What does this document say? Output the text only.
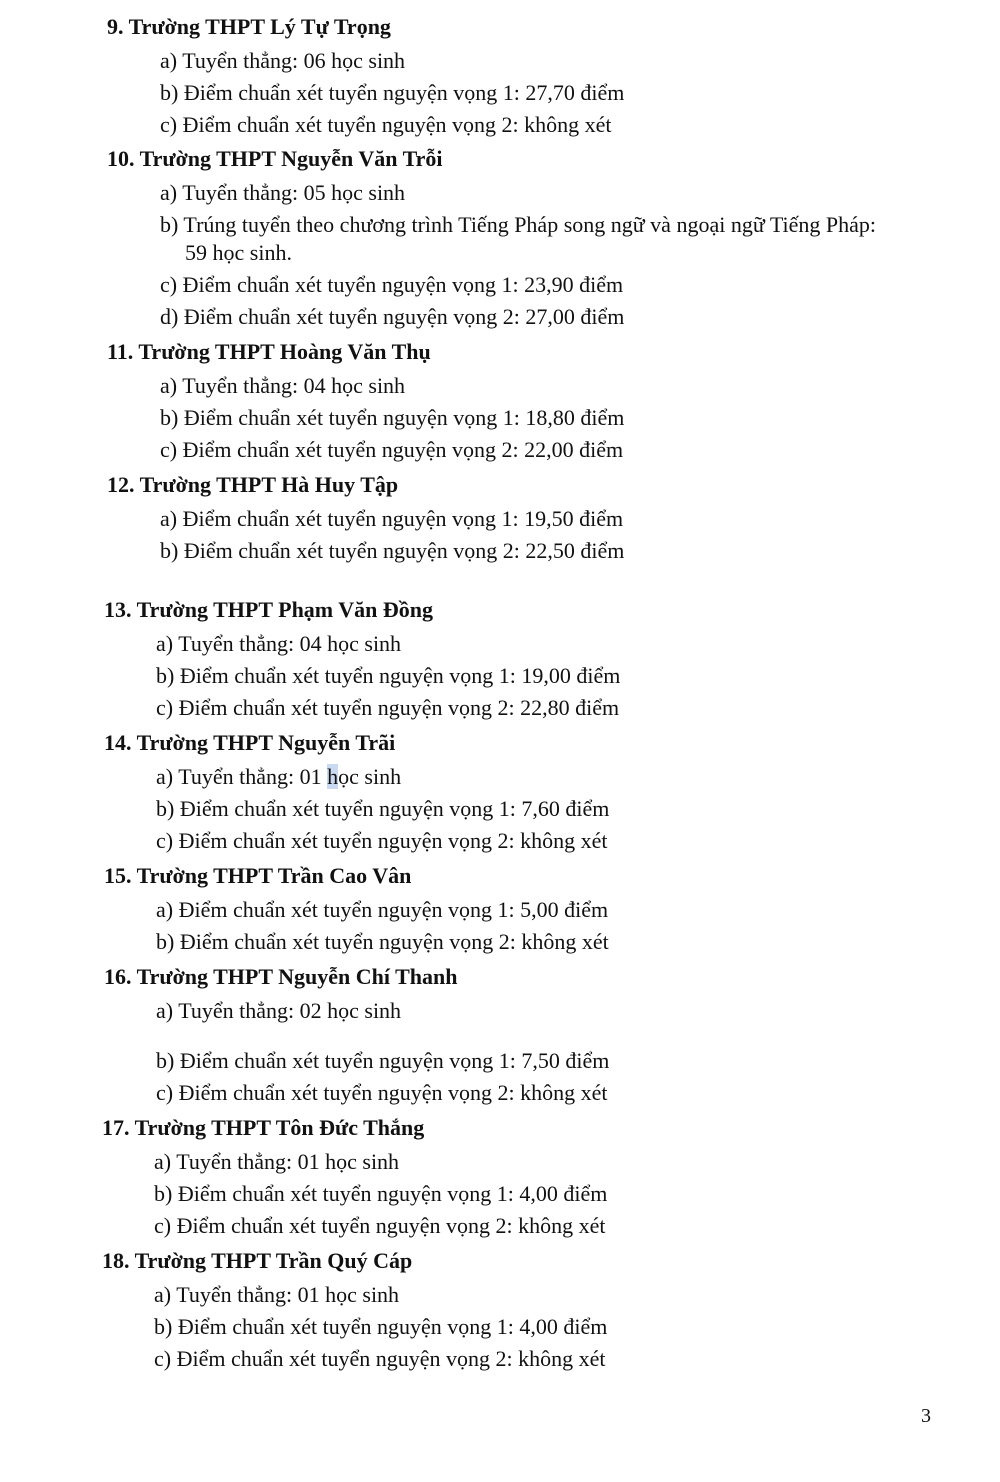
9. Trường THPT Lý Tự Trọng
a) Tuyển thẳng: 06 học sinh
b) Điểm chuẩn xét tuyển nguyện vọng 1: 27,70 điểm
c) Điểm chuẩn xét tuyển nguyện vọng 2: không xét
10. Trường THPT Nguyễn Văn Trỗi
a) Tuyển thẳng: 05 học sinh
b) Trúng tuyển theo chương trình Tiếng Pháp song ngữ và ngoại ngữ Tiếng Pháp:
59 học sinh.
c) Điểm chuẩn xét tuyển nguyện vọng 1: 23,90 điểm
d) Điểm chuẩn xét tuyển nguyện vọng 2: 27,00 điểm
11. Trường THPT Hoàng Văn Thụ
a) Tuyển thẳng: 04 học sinh
b) Điểm chuẩn xét tuyển nguyện vọng 1: 18,80 điểm
c) Điểm chuẩn xét tuyển nguyện vọng 2: 22,00 điểm
12. Trường THPT Hà Huy Tập
a) Điểm chuẩn xét tuyển nguyện vọng 1: 19,50 điểm
b) Điểm chuẩn xét tuyển nguyện vọng 2: 22,50 điểm
13. Trường THPT Phạm Văn Đồng
a) Tuyển thẳng: 04 học sinh
b) Điểm chuẩn xét tuyển nguyện vọng 1: 19,00 điểm
c) Điểm chuẩn xét tuyển nguyện vọng 2: 22,80 điểm
14. Trường THPT Nguyễn Trãi
a) Tuyển thẳng: 01 học sinh
b) Điểm chuẩn xét tuyển nguyện vọng 1: 7,60 điểm
c) Điểm chuẩn xét tuyển nguyện vọng 2: không xét
15. Trường THPT Trần Cao Vân
a) Điểm chuẩn xét tuyển nguyện vọng 1: 5,00 điểm
b) Điểm chuẩn xét tuyển nguyện vọng 2: không xét
16. Trường THPT Nguyễn Chí Thanh
a) Tuyển thẳng: 02 học sinh
b) Điểm chuẩn xét tuyển nguyện vọng 1: 7,50 điểm
c) Điểm chuẩn xét tuyển nguyện vọng 2: không xét
17. Trường THPT Tôn Đức Thắng
a) Tuyển thẳng: 01 học sinh
b) Điểm chuẩn xét tuyển nguyện vọng 1: 4,00 điểm
c) Điểm chuẩn xét tuyển nguyện vọng 2: không xét
18. Trường THPT Trần Quý Cáp
a) Tuyển thẳng: 01 học sinh
b) Điểm chuẩn xét tuyển nguyện vọng 1: 4,00 điểm
c) Điểm chuẩn xét tuyển nguyện vọng 2: không xét
3
